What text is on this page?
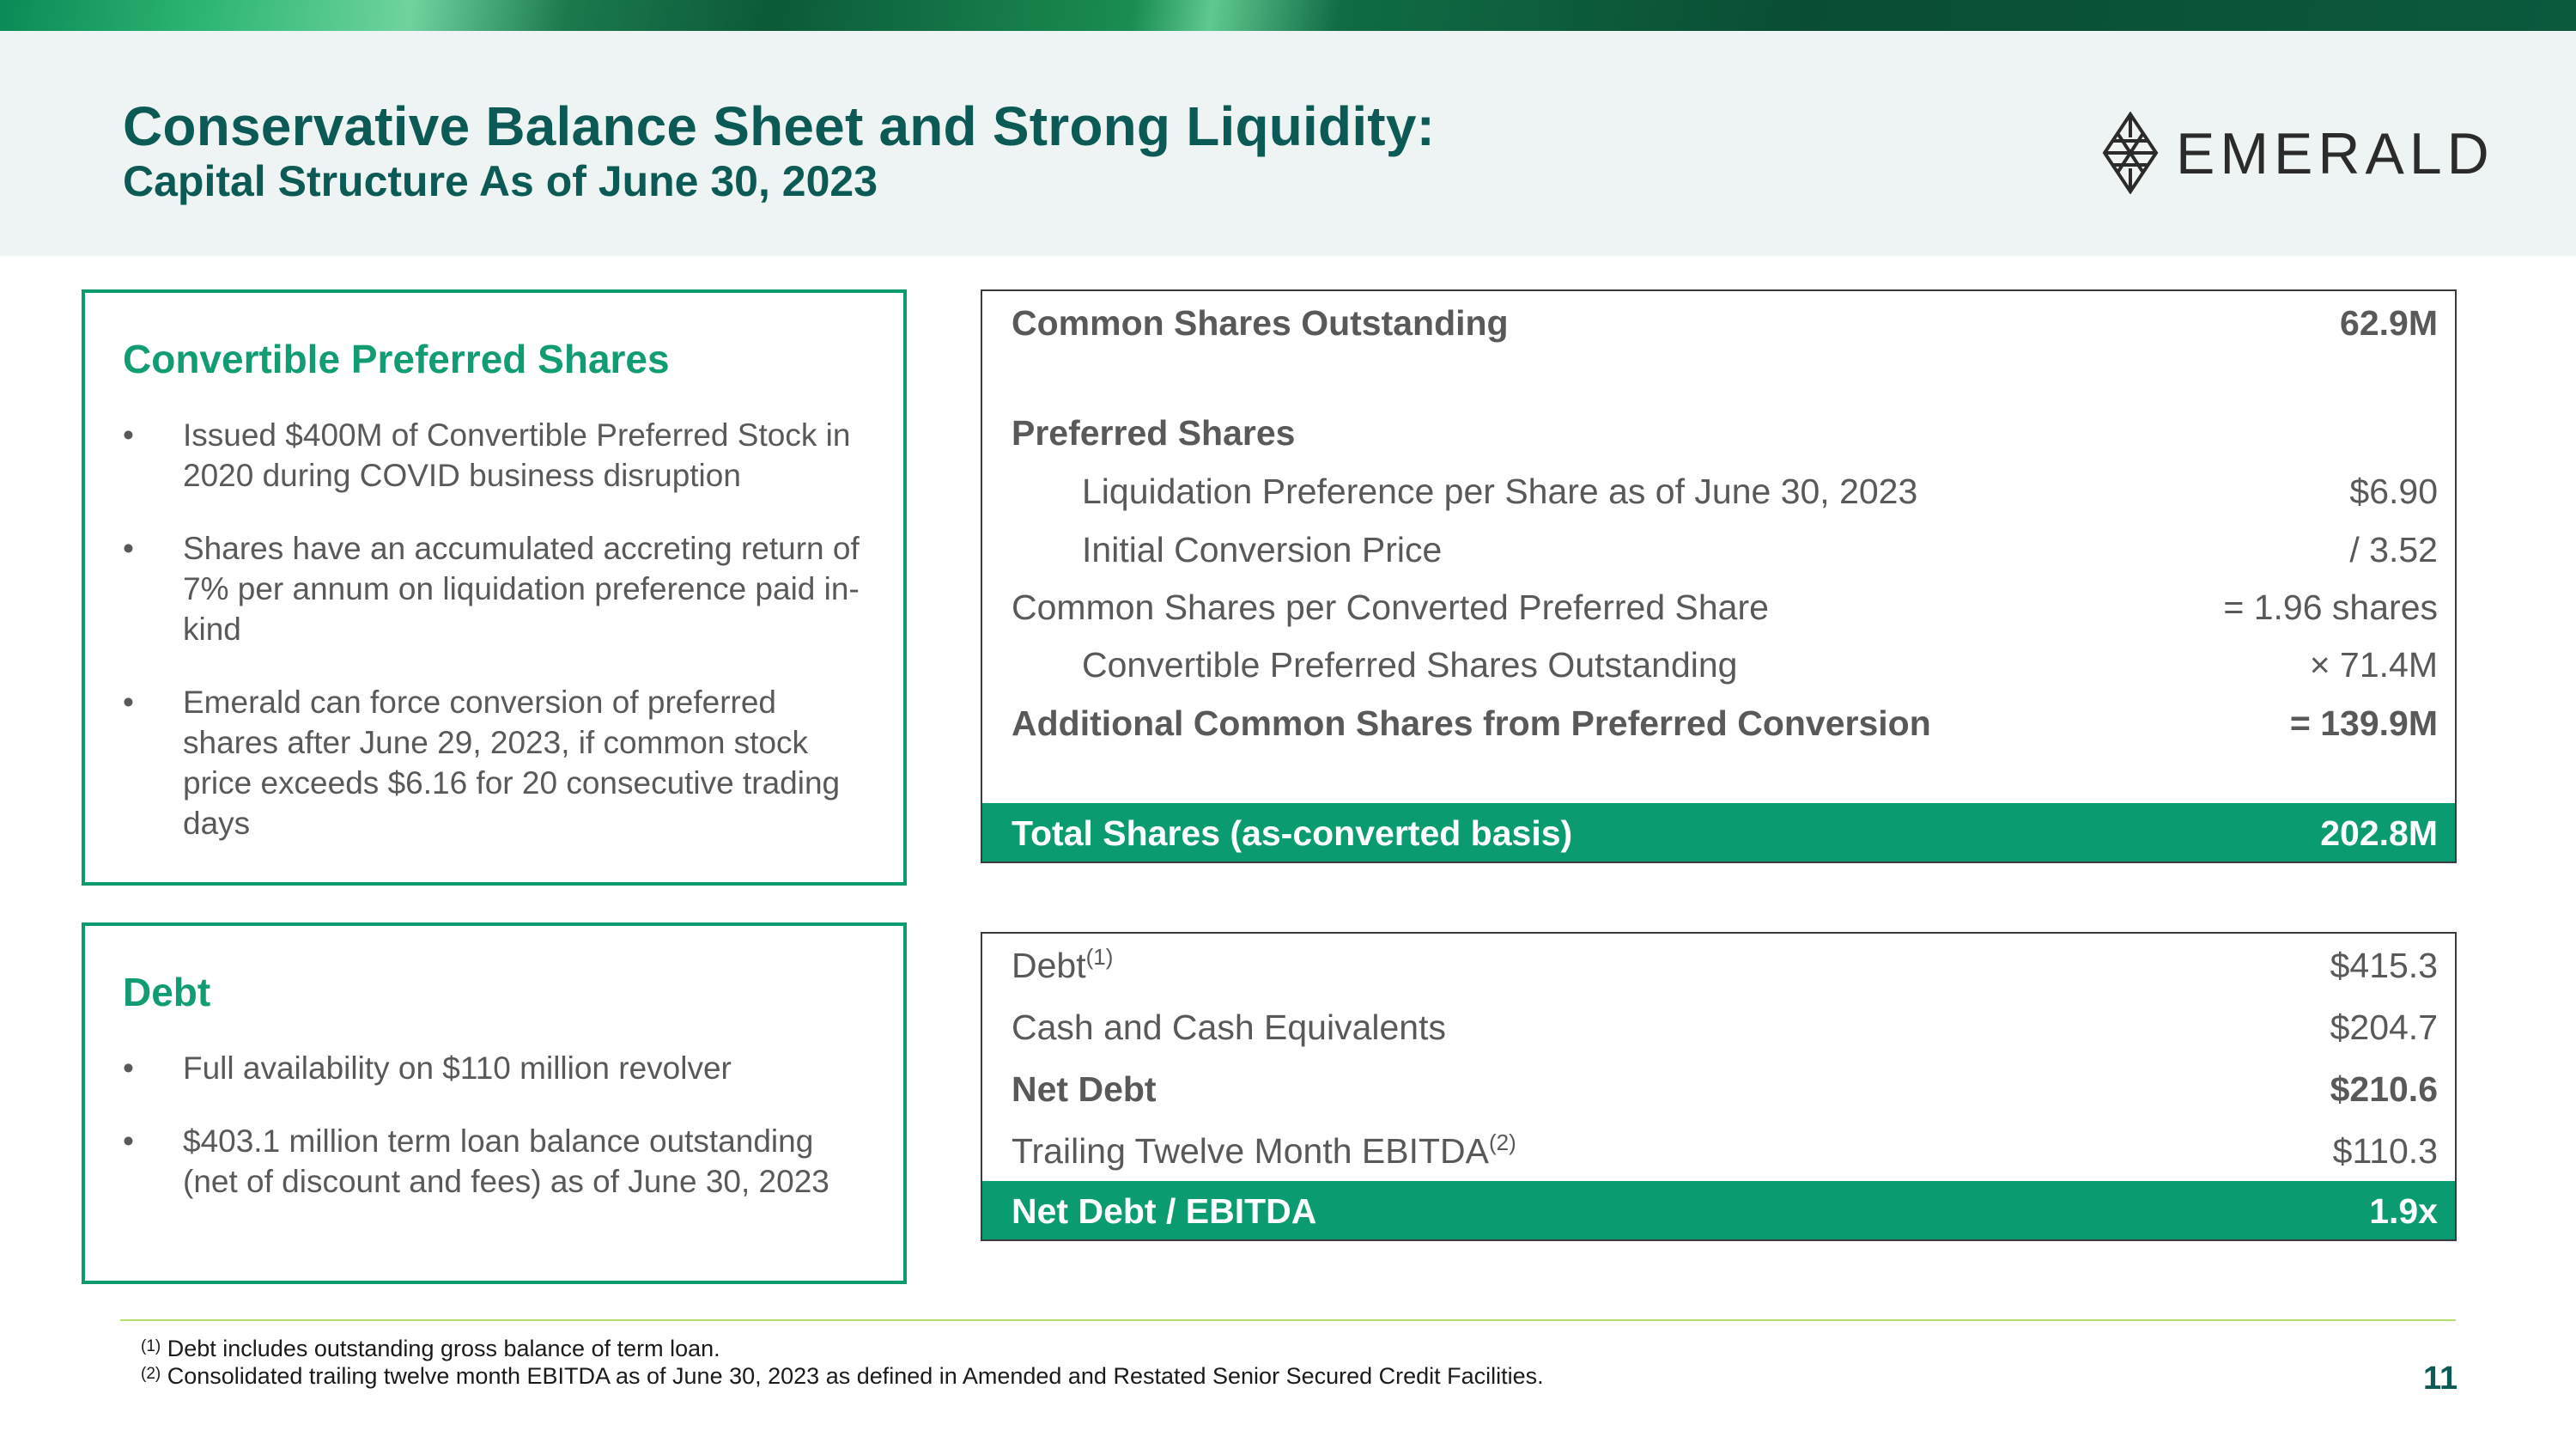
Conservative Balance Sheet and Strong Liquidity:
Capital Structure As of June 30, 2023	EMERALD
Convertible Preferred Shares
• Issued $400M of Convertible Preferred Stock in 2020 during COVID business disruption
• Shares have an accumulated accreting return of 7% per annum on liquidation preference paid in-kind
• Emerald can force conversion of preferred shares after June 29, 2023, if common stock price exceeds $6.16 for 20 consecutive trading days
Debt
• Full availability on $110 million revolver
• $403.1 million term loan balance outstanding (net of discount and fees) as of June 30, 2023
Common Shares Outstanding	62.9M
Preferred Shares
Liquidation Preference per Share as of June 30, 2023	$6.90
Initial Conversion Price	/ 3.52
Common Shares per Converted Preferred Share	= 1.96 shares
Convertible Preferred Shares Outstanding	× 71.4M
Additional Common Shares from Preferred Conversion	= 139.9M
Total Shares (as-converted basis)	202.8M
Debt$^{(1)}$	$415.3
Cash and Cash Equivalents	$204.7
Net Debt	$210.6
Trailing Twelve Month EBITDA$^{(2)}$	$110.3
Net Debt / EBITDA	1.9x
$^{(1)}$ Debt includes outstanding gross balance of term loan.
$^{(2)}$ Consolidated trailing twelve month EBITDA as of June 30, 2023 as defined in Amended and Restated Senior Secured Credit Facilities.	11
